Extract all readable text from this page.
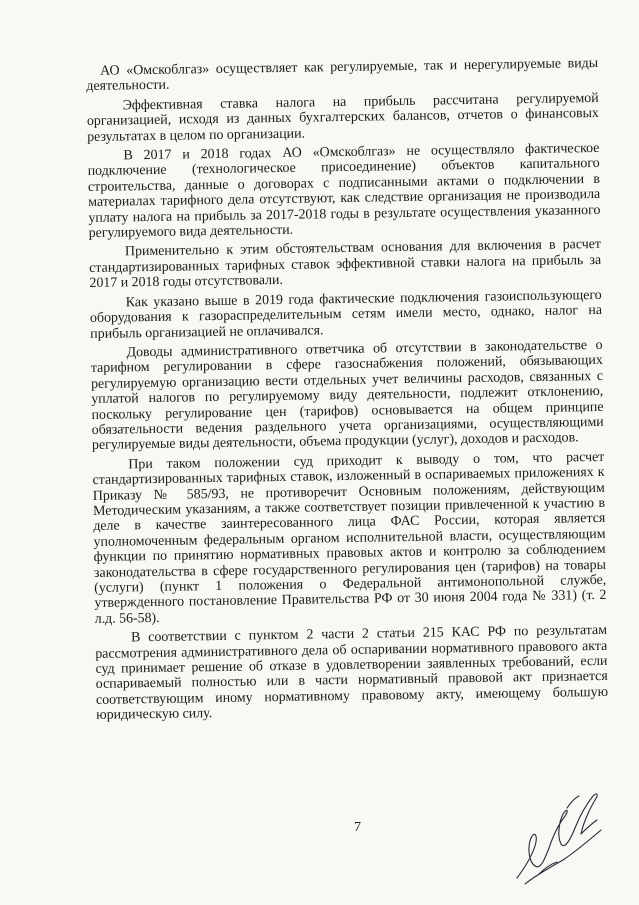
АО «Омскоблгаз» осуществляет как регулируемые, так и нерегулируемые виды деятельности.

Эффективная ставка налога на прибыль рассчитана регулируемой организацией, исходя из данных бухгалтерских балансов, отчетов о финансовых результатах в целом по организации.

В 2017 и 2018 годах АО «Омскоблгаз» не осуществляло фактическое подключение (технологическое присоединение) объектов капитального строительства, данные о договорах с подписанными актами о подключении в материалах тарифного дела отсутствуют, как следствие организация не производила уплату налога на прибыль за 2017-2018 годы в результате осуществления указанного регулируемого вида деятельности.

Применительно к этим обстоятельствам основания для включения в расчет стандартизированных тарифных ставок эффективной ставки налога на прибыль за 2017 и 2018 годы отсутствовали.

Как указано выше в 2019 года фактические подключения газоиспользующего оборудования к газораспределительным сетям имели место, однако, налог на прибыль организацией не оплачивался.

Доводы административного ответчика об отсутствии в законодательстве о тарифном регулировании в сфере газоснабжения положений, обязывающих регулируемую организацию вести отдельных учет величины расходов, связанных с уплатой налогов по регулируемому виду деятельности, подлежит отклонению, поскольку регулирование цен (тарифов) основывается на общем принципе обязательности ведения раздельного учета организациями, осуществляющими регулируемые виды деятельности, объема продукции (услуг), доходов и расходов.

При таком положении суд приходит к выводу о том, что расчет стандартизированных тарифных ставок, изложенный в оспариваемых приложениях к Приказу № 585/93, не противоречит Основным положениям, действующим Методическим указаниям, а также соответствует позиции привлеченной к участию в деле в качестве заинтересованного лица ФАС России, которая является уполномоченным федеральным органом исполнительной власти, осуществляющим функции по принятию нормативных правовых актов и контролю за соблюдением законодательства в сфере государственного регулирования цен (тарифов) на товары (услуги) (пункт 1 положения о Федеральной антимонопольной службе, утвержденного постановление Правительства РФ от 30 июня 2004 года № 331) (т. 2 л.д. 56-58).

В соответствии с пунктом 2 части 2 статьи 215 КАС РФ по результатам рассмотрения административного дела об оспаривании нормативного правового акта суд принимает решение об отказе в удовлетворении заявленных требований, если оспариваемый полностью или в части нормативный правовой акт признается соответствующим иному нормативному правовому акту, имеющему большую юридическую силу.

7
